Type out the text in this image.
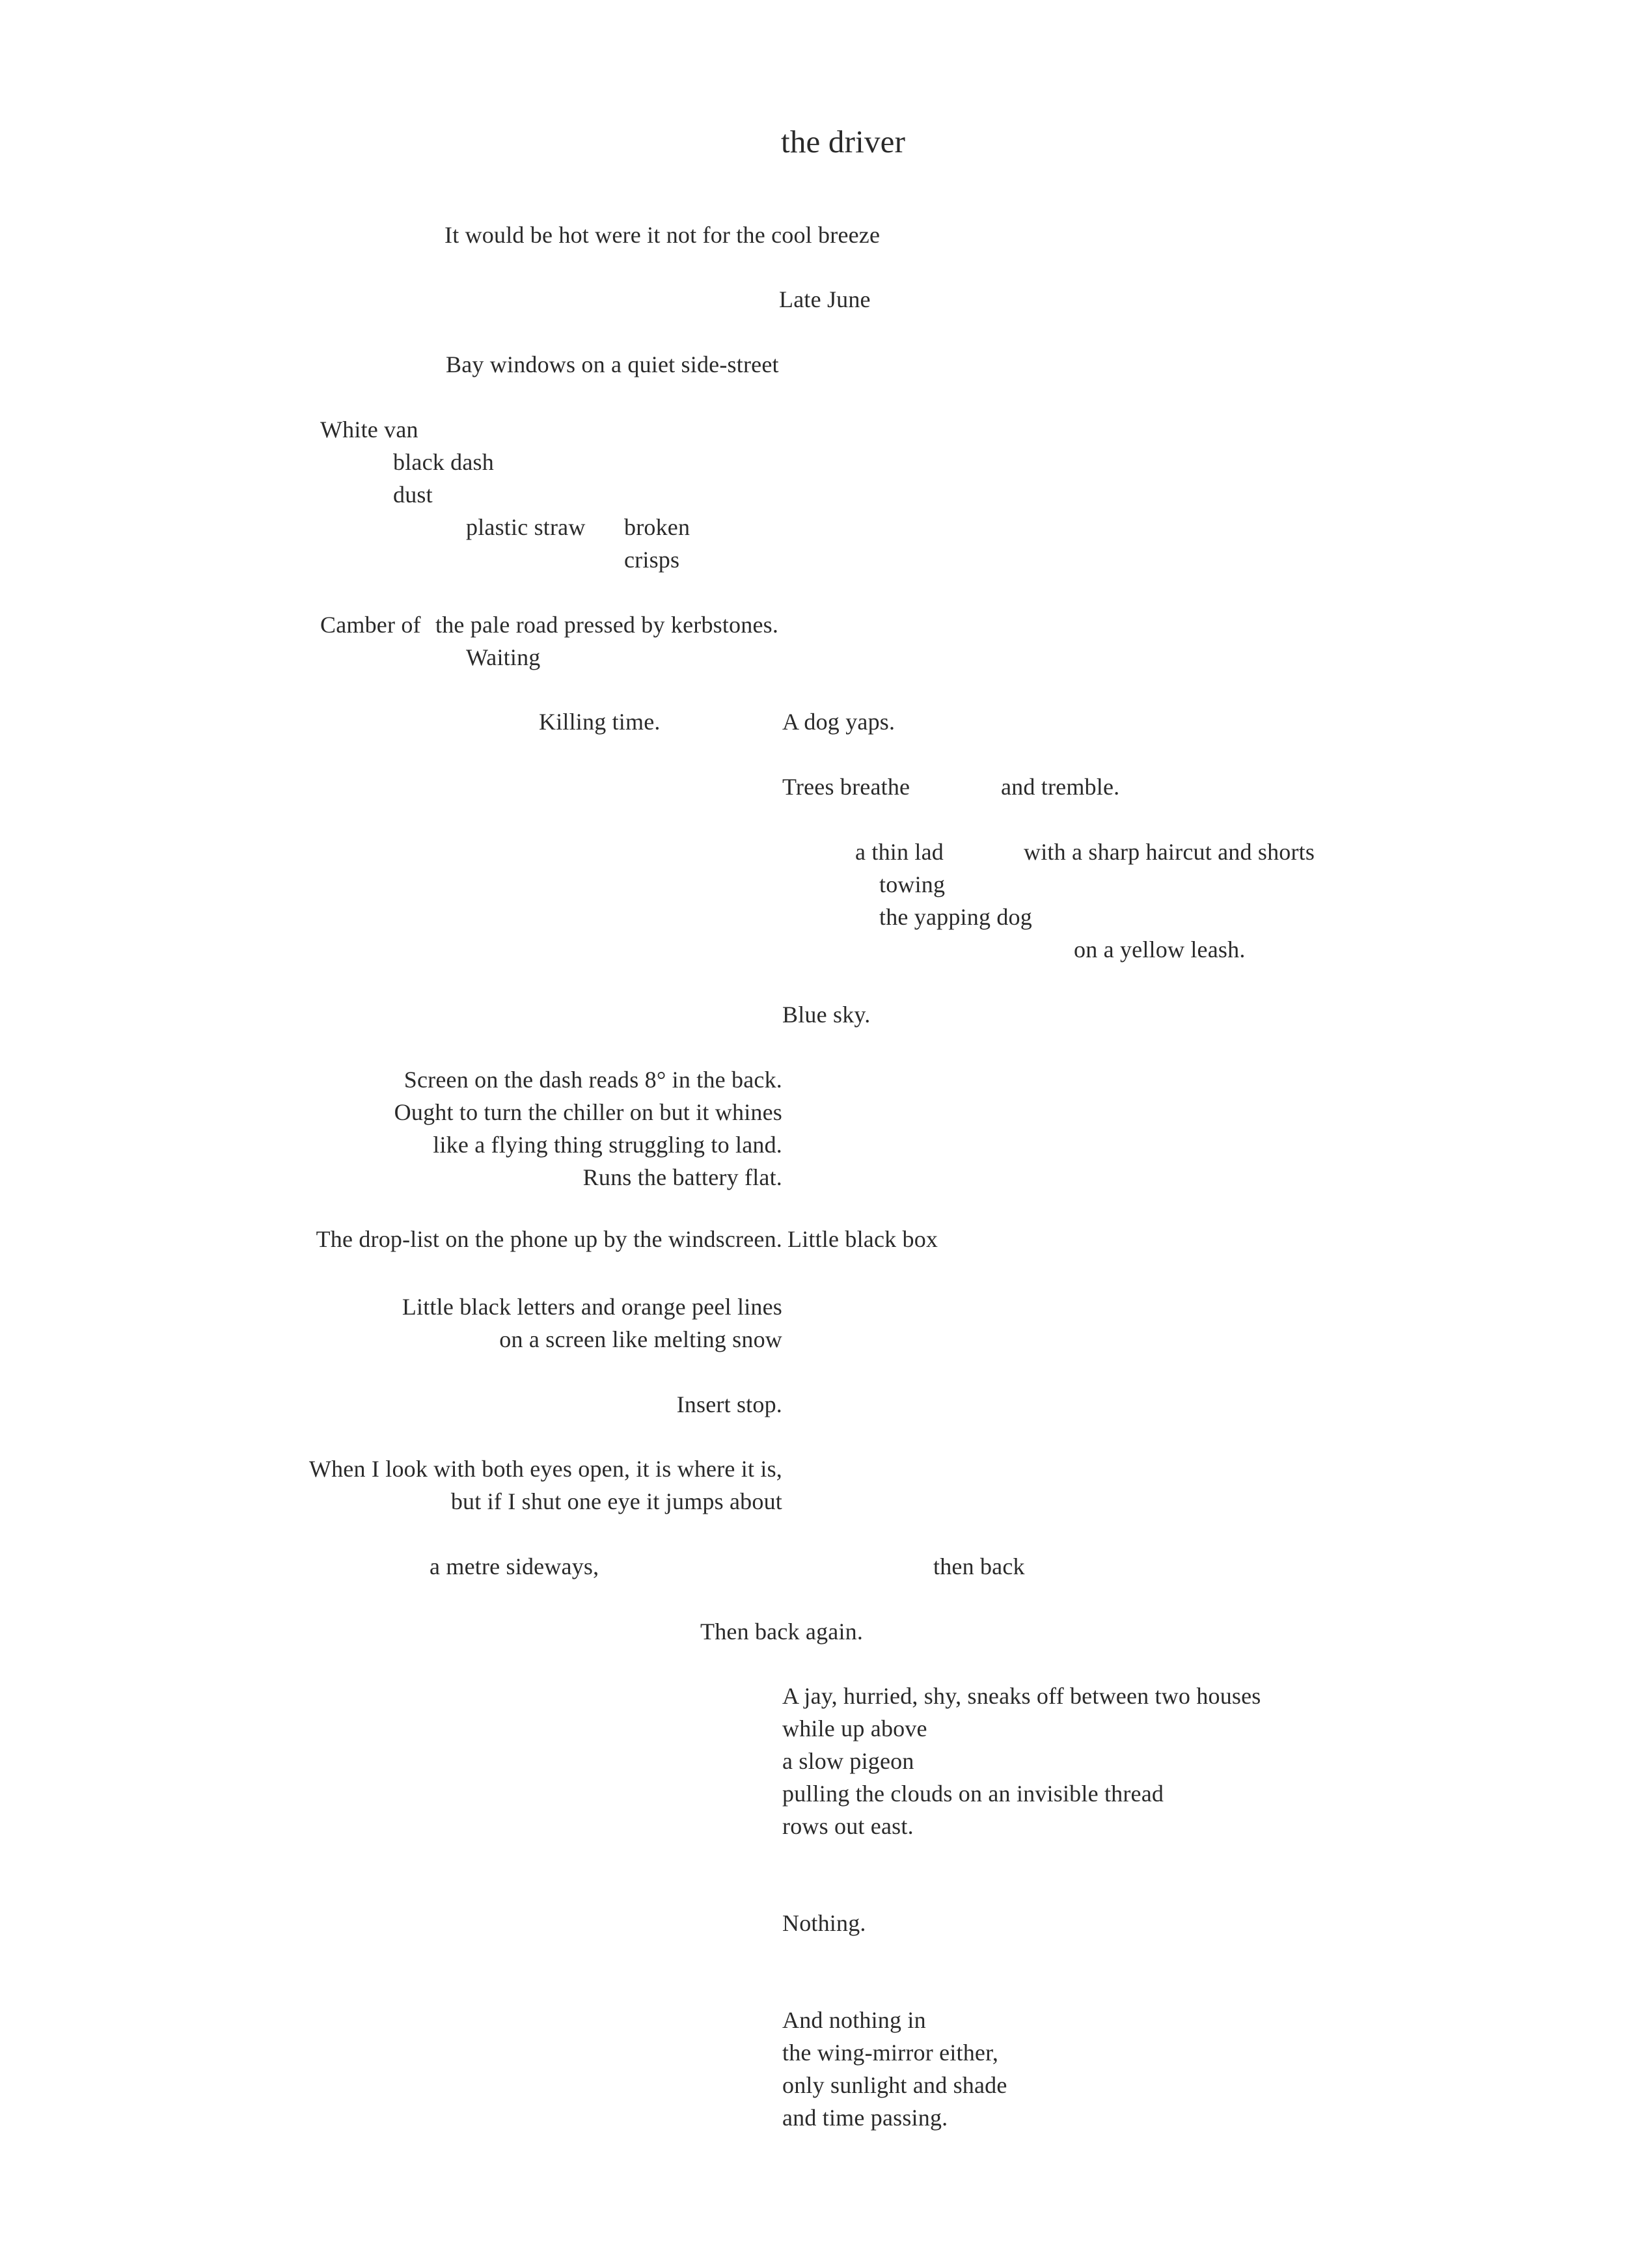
the driver
It would be hot were it not for the cool breeze
Late June
Bay windows on a quiet side-street
White van
black dash
dust
plastic straw broken
crisps
Camber of the pale road pressed by kerbstones.
Waiting
Killing time.	A dog yaps.
Trees breathe	and tremble.
a thin lad	with a sharp haircut and shorts
towing
the yapping dog
on a yellow leash.
Blue sky.
Screen on the dash reads 8° in the back.
Ought to turn the chiller on but it whines
like a flying thing struggling to land.
Runs the battery flat.
The drop-list on the phone up by the windscreen. Little black box
Little black letters and orange peel lines
on a screen like melting snow
Insert stop.
When I look with both eyes open, it is where it is,
but if I shut one eye it jumps about
a metre sideways,	then back
Then back again.
A jay, hurried, shy, sneaks off between two houses
while up above
a slow pigeon
pulling the clouds on an invisible thread
rows out east.
Nothing.
And nothing in
the wing-mirror either,
only sunlight and shade
and time passing.
